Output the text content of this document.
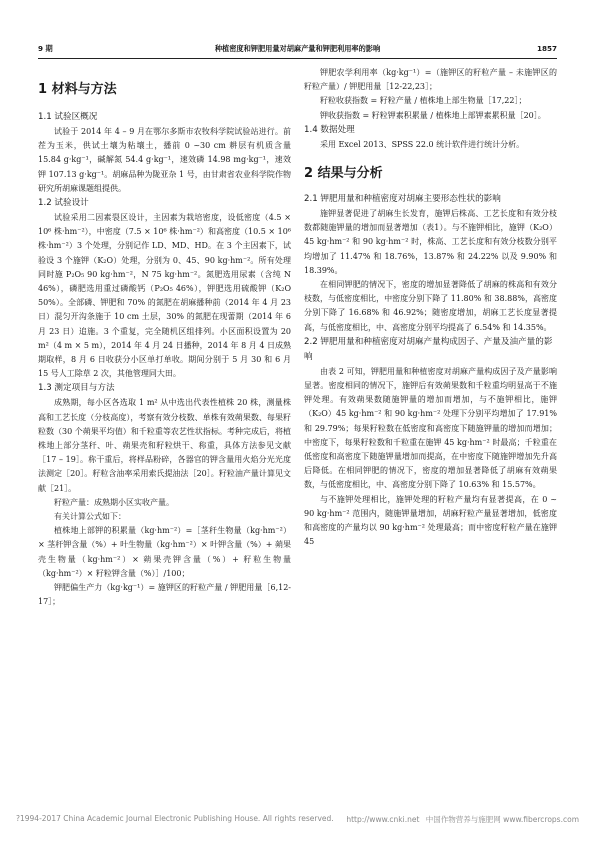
9 期	种植密度和钾肥用量对胡麻产量和钾肥利用率的影响	1857

1 材料与方法

1.1 试验区概况

试验于 2014 年 4 – 9 月在鄂尔多斯市农牧科学院试验站进行。前茬为玉米，供试土壤为粘壤土，播前 0 ~30 cm 耕层有机质含量 15.84 g·kg⁻¹，碱解氮 54.4 g·kg⁻¹，速效磷 14.98 mg·kg⁻¹，速效钾 107.13 g·kg⁻¹。胡麻品种为陇亚杂 1 号，由甘肃省农业科学院作物研究所胡麻课题组提供。

1.2 试验设计

试验采用二因素裂区设计，主因素为栽培密度，设低密度（4.5 × 10⁶ 株·hm⁻²），中密度（7.5 × 10⁶ 株·hm⁻²）和高密度（10.5 × 10⁶ 株·hm⁻²）3 个处理，分别记作 LD、MD、HD。在 3 个主因素下，试验设 3 个施钾（K₂O）处理，分别为 0、45、90 kg·hm⁻²。所有处理同时施 P₂O₅ 90 kg·hm⁻²，N 75 kg·hm⁻²。氮肥选用尿素（含纯 N 46%），磷肥选用重过磷酸钙（P₂O₅ 46%），钾肥选用硫酸钾（K₂O 50%）。全部磷、钾肥和 70% 的氮肥在胡麻播种前（2014 年 4 月 23 日）混匀开沟条施于 10 cm 土层，30% 的氮肥在现蕾期（2014 年 6 月 23 日）追施。3 个重复，完全随机区组排列。小区面积设置为 20 m²（4 m × 5 m），2014 年 4 月 24 日播种，2014 年 8 月 4 日成熟期取样，8 月 6 日收获分小区单打单收。期间分别于 5 月 30 和 6 月 15 号人工除草 2 次，其他管理同大田。

1.3 测定项目与方法

成熟期，每小区各选取 1 m² 从中选出代表性植株 20 株，测量株高和工艺长度（分枝高度），考察有效分枝数、单株有效蒴果数、每果籽粒数（30 个蒴果平均值）和千粒重等农艺性状指标。考种完成后，将植株地上部分茎秆、叶、蒴果壳和籽粒烘干、称重，具体方法参见文献［17 – 19］。称干重后，将样品粉碎，各器官的钾含量用火焰分光光度法测定［20］。籽粒含油率采用索氏提油法［20］。籽粒油产量计算见文献［21］。

籽粒产量：成熟期小区实收产量。

有关计算公式如下：

植株地上部钾的积累量（kg·hm⁻²）=［茎秆生物量（kg·hm⁻²）× 茎秆钾含量（%）+ 叶生物量（kg·hm⁻²）× 叶钾含量（%）+ 蒴果壳生物量（kg·hm⁻²）× 蒴果壳钾含量（%）+ 籽粒生物量（kg·hm⁻²）× 籽粒钾含量（%）］/100；

钾肥偏生产力（kg·kg⁻¹）= 施钾区的籽粒产量 / 钾肥用量［6,12-17］；

钾肥农学利用率（kg·kg⁻¹）=（施钾区的籽粒产量 – 未施钾区的籽粒产量）/ 钾肥用量［12-22,23］；

籽粒收获指数 = 籽粒产量 / 植株地上部生物量［17,22］；

钾收获指数 = 籽粒钾素积累量 / 植株地上部钾素累积量［20］。

1.4 数据处理

采用 Excel 2013、SPSS 22.0 统计软件进行统计分析。

2 结果与分析

2.1 钾肥用量和种植密度对胡麻主要形态性状的影响

施钾显著促进了胡麻生长发育，施钾后株高、工艺长度和有效分枝数都随施钾量的增加而显著增加（表1）。与不施钾相比，施钾（K₂O）45 kg·hm⁻² 和 90 kg·hm⁻² 时，株高、工艺长度和有效分枝数分别平均增加了 11.47% 和 18.76%，13.87% 和 24.22% 以及 9.90% 和 18.39%。

在相同钾肥的情况下，密度的增加显著降低了胡麻的株高和有效分枝数，与低密度相比，中密度分别下降了 11.80% 和 38.88%，高密度分别下降了 16.68% 和 46.92%；随密度增加，胡麻工艺长度显著提高，与低密度相比，中、高密度分别平均提高了 6.54% 和 14.35%。

2.2 钾肥用量和种植密度对胡麻产量构成因子、产量及油产量的影响

由表 2 可知，钾肥用量和种植密度对胡麻产量构成因子及产量影响显著。密度相同的情况下，施钾后有效蒴果数和千粒重均明显高于不施钾处理。有效蒴果数随施钾量的增加而增加，与不施钾相比，施钾（K₂O）45 kg·hm⁻² 和 90 kg·hm⁻² 处理下分别平均增加了 17.91% 和 29.79%；每果籽粒数在低密度和高密度下随施钾量的增加而增加；中密度下，每果籽粒数和千粒重在施钾 45 kg·hm⁻² 时最高；千粒重在低密度和高密度下随施钾量增加而提高，在中密度下随施钾增加先升高后降低。在相同钾肥的情况下，密度的增加显著降低了胡麻有效蒴果数，与低密度相比，中、高密度分别下降了 10.63% 和 15.57%。

与不施钾处理相比，施钾处理的籽粒产量均有显著提高，在 0 ~ 90 kg·hm⁻² 范围内，随施钾量增加，胡麻籽粒产量显著增加，低密度和高密度的产量均以 90 kg·hm⁻² 处理最高；而中密度籽粒产量在施钾 45

?1994-2017 China Academic Journal Electronic Publishing House. All rights reserved. http://www.cnki.net 中国作物营养与施肥网 www.fibercrops.com
